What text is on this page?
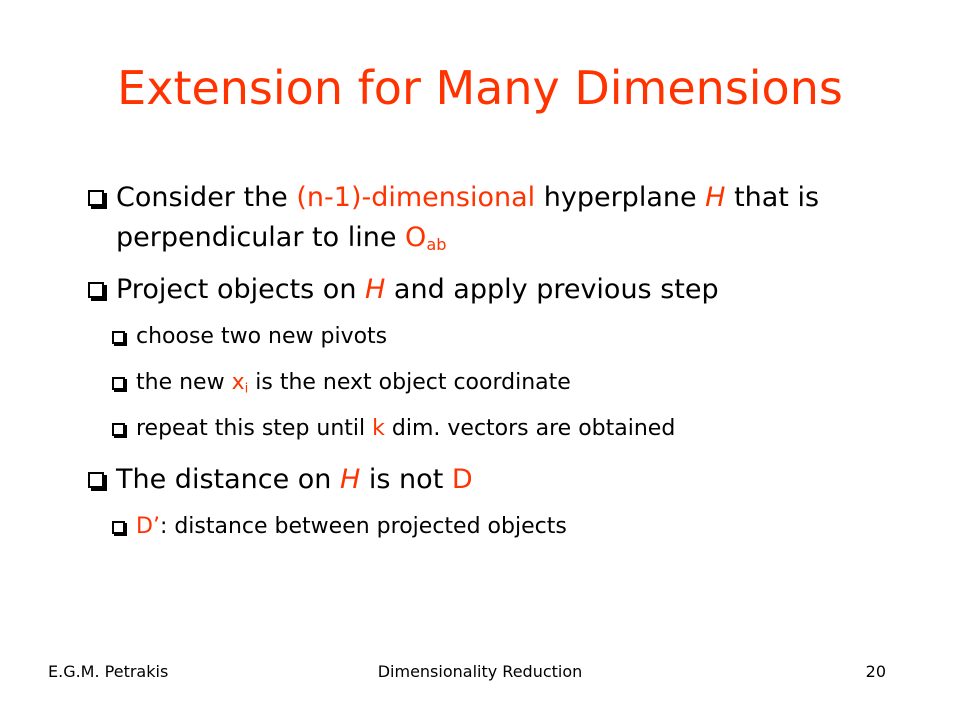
Extension for Many Dimensions
Consider the (n-1)-dimensional hyperplane H that is perpendicular to line $O_{ab}$
Project objects on H and apply previous step
choose two new pivots
the new $x_i$ is the next object coordinate
repeat this step until k dim. vectors are obtained
The distance on H is not D
D’: distance between projected objects
E.G.M. Petrakis	Dimensionality Reduction	20
